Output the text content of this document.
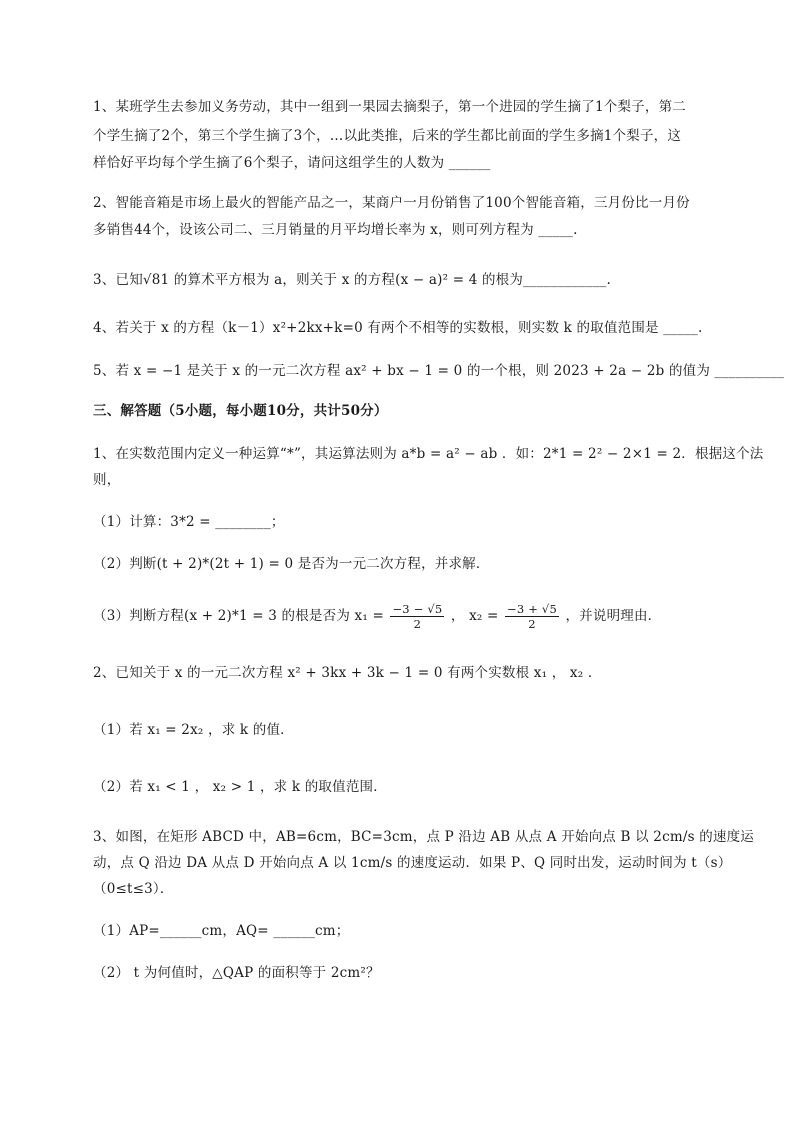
1、某班学生去参加义务劳动，其中一组到一果园去摘梨子，第一个进园的学生摘了1个梨子，第二
个学生摘了2个，第三个学生摘了3个，…以此类推，后来的学生都比前面的学生多摘1个梨子，这
样恰好平均每个学生摘了6个梨子，请问这组学生的人数为 ______
2、智能音箱是市场上最火的智能产品之一，某商户一月份销售了100个智能音箱，三月份比一月份
多销售44个，设该公司二、三月销量的月平均增长率为 x，则可列方程为 _____.
3、已知√81 的算术平方根为 a，则关于 x 的方程(x − a)² = 4 的根为____________.
4、若关于 x 的方程（k－1）x²+2kx+k=0 有两个不相等的实数根，则实数 k 的取值范围是 _____.
5、若 x = −1 是关于 x 的一元二次方程 ax² + bx − 1 = 0 的一个根，则 2023 + 2a − 2b 的值为 __________
三、解答题（5小题，每小题10分，共计50分）
1、在实数范围内定义一种运算“*”，其运算法则为 a*b = a² − ab ．如：2*1 = 2² − 2×1 = 2．根据这个法
则，
（1）计算：3*2 = ________；
（2）判断(t + 2)*(2t + 1) = 0 是否为一元二次方程，并求解．
（3）判断方程(x + 2)*1 = 3 的根是否为 $x_1 = \frac{-3 - √5}{2}$ ， $x_2 = \frac{-3 + √5}{2}$ ，并说明理由．
2、已知关于 x 的一元二次方程 x² + 3kx + 3k − 1 = 0 有两个实数根 x₁ ， x₂ ．
（1）若 x₁ = 2x₂ ，求 k 的值．
（2）若 x₁ < 1 ， x₂ > 1 ，求 k 的取值范围．
3、如图，在矩形 ABCD 中，AB=6cm，BC=3cm，点 P 沿边 AB 从点 A 开始向点 B 以 2cm/s 的速度运
动，点 Q 沿边 DA 从点 D 开始向点 A 以 1cm/s 的速度运动．如果 P、Q 同时出发，运动时间为 t（s）
（0≤t≤3）．
（1）AP=______cm，AQ= ______cm；
（2） t 为何值时，△QAP 的面积等于 2cm²？
